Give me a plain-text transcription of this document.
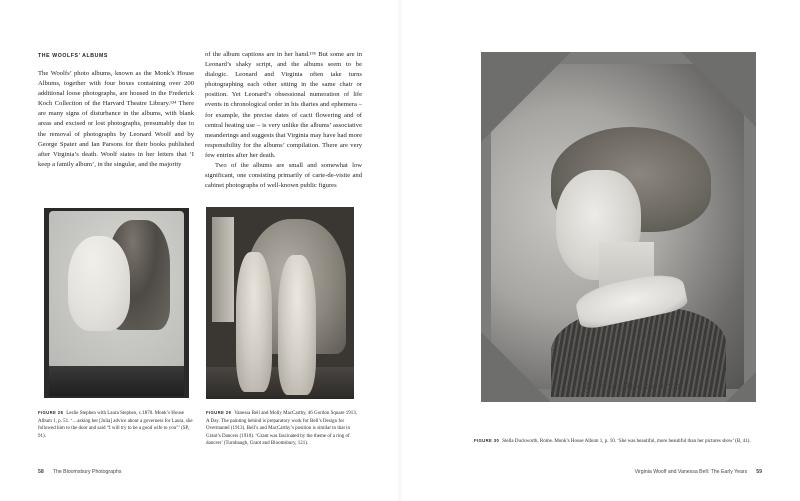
THE WOOLFS’ ALBUMS

The Woolfs’ photo albums, known as the Monk’s House Albums, together with four boxes containing over 200 additional loose photographs, are housed in the Frederick Koch Collection of the Harvard Theatre Library.¹³⁴ There are many signs of disturbance in the albums, with blank areas and excised or lost photographs, presumably due to the removal of photographs by Leonard Woolf and by George Spater and Ian Parsons for their books published after Virginia’s death. Woolf states in her letters that ‘I keep a family album’, in the singular, and the majority

of the album captions are in her hand.¹³⁵ But some are in Leonard’s shaky script, and the albums seem to be dialogic. Leonard and Virginia often take turns photographing each other sitting in the same chair or position. Yet Leonard’s obsessional numeration of life events in chronological order in his diaries and ephemera – for example, the precise dates of cacti flowering and of central heating use – is very unlike the albums’ associative meanderings and suggests that Virginia may have had more responsibility for the albums’ compilation. There are very few entries after her death.

Two of the albums are small and somewhat low significant, one consisting primarily of carte-de-visite and cabinet photographs of well-known public figures

FIGURE 28 Leslie Stephen with Laura Stephen, c.1870. Monk’s House Album 1, p. 51. ‘…asking her [Julia] advice about a governess for Laura, she followed him to the door and said “I will try to be a good wife to you”’ (SP, 91).
FIGURE 29 Vanessa Bell and Molly MacCarthy, 46 Gordon Square 1913, A Day. The painting behind is preparatory work for Bell’s Design for Overmantel (1913). Bell’s and MacCarthy’s position is similar to that in Grant’s Dancers (1910). ‘Grant was fascinated by the theme of a ring of dancers’ (Turnbaugh, Grant and Bloomsbury, 121).
58 The Bloomsbury Photographs
Stella Duckworth
FIGURE 30 Stella Duckworth, Rome. Monk’s House Album 1, p. 10. ‘She was beautiful, more beautiful than her pictures show’ (B, 41).
Virginia Woolf and Vanessa Bell: The Early Years 59
